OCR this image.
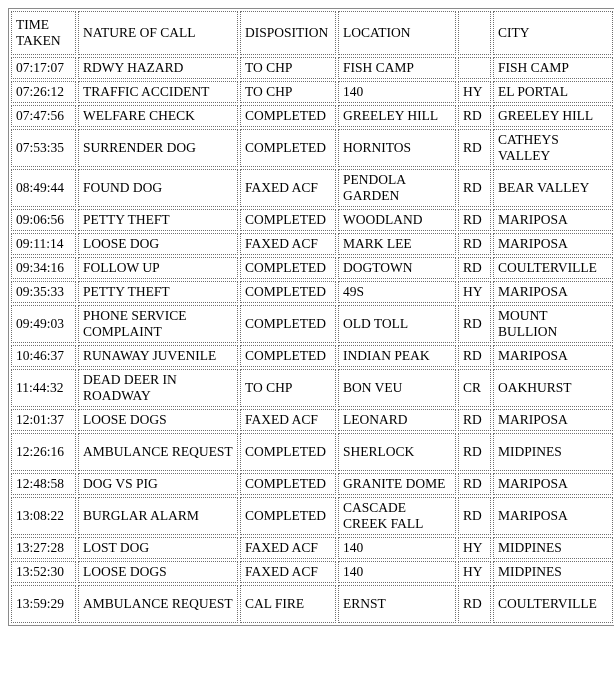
TIME TAKEN	NATURE OF CALL	DISPOSITION	LOCATION		CITY
07:17:07	RDWY HAZARD	TO CHP	FISH CAMP		FISH CAMP
07:26:12	TRAFFIC ACCIDENT	TO CHP	140	HY	EL PORTAL
07:47:56	WELFARE CHECK	COMPLETED	GREELEY HILL	RD	GREELEY HILL
07:53:35	SURRENDER DOG	COMPLETED	HORNITOS	RD	CATHEYS VALLEY
08:49:44	FOUND DOG	FAXED ACF	PENDOLA GARDEN	RD	BEAR VALLEY
09:06:56	PETTY THEFT	COMPLETED	WOODLAND	RD	MARIPOSA
09:11:14	LOOSE DOG	FAXED ACF	MARK LEE	RD	MARIPOSA
09:34:16	FOLLOW UP	COMPLETED	DOGTOWN	RD	COULTERVILLE
09:35:33	PETTY THEFT	COMPLETED	49S	HY	MARIPOSA
09:49:03	PHONE SERVICE COMPLAINT	COMPLETED	OLD TOLL	RD	MOUNT BULLION
10:46:37	RUNAWAY JUVENILE	COMPLETED	INDIAN PEAK	RD	MARIPOSA
11:44:32	DEAD DEER IN ROADWAY	TO CHP	BON VEU	CR	OAKHURST
12:01:37	LOOSE DOGS	FAXED ACF	LEONARD	RD	MARIPOSA
12:26:16	AMBULANCE REQUEST	COMPLETED	SHERLOCK	RD	MIDPINES
12:48:58	DOG VS PIG	COMPLETED	GRANITE DOME	RD	MARIPOSA
13:08:22	BURGLAR ALARM	COMPLETED	CASCADE CREEK FALL	RD	MARIPOSA
13:27:28	LOST DOG	FAXED ACF	140	HY	MIDPINES
13:52:30	LOOSE DOGS	FAXED ACF	140	HY	MIDPINES
13:59:29	AMBULANCE REQUEST	CAL FIRE	ERNST	RD	COULTERVILLE
